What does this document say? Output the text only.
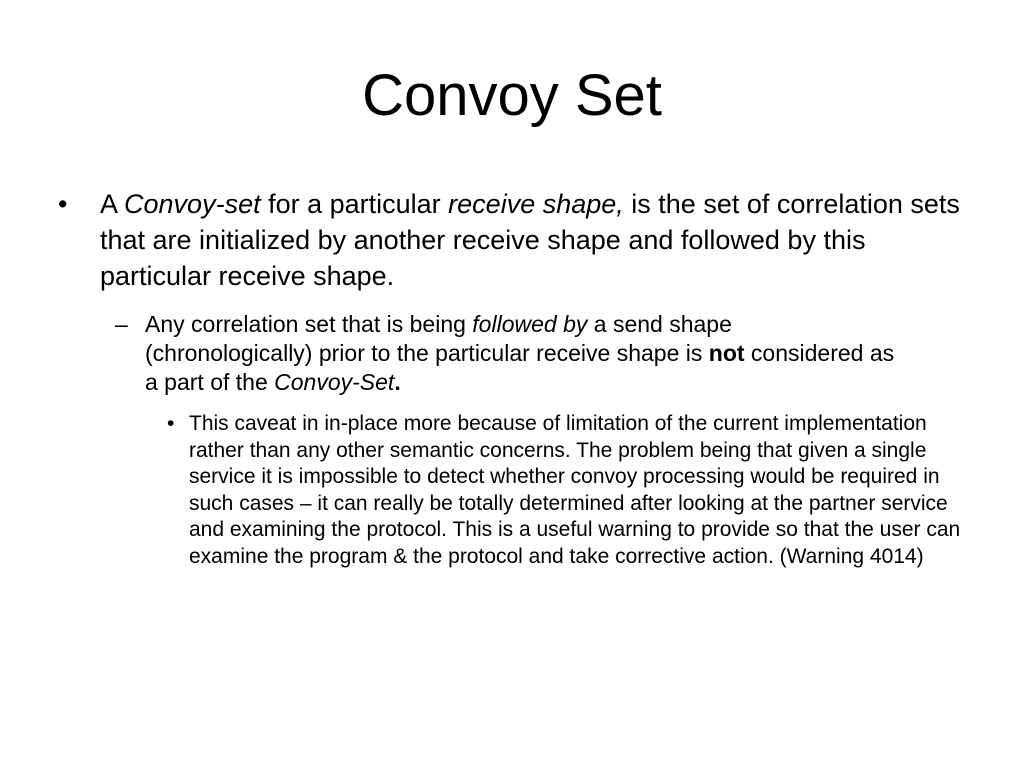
Convoy Set

•	A Convoy-set for a particular receive shape, is the set of correlation sets that are initialized by another receive shape and followed by this particular receive shape.

– Any correlation set that is being followed by a send shape (chronologically) prior to the particular receive shape is not considered as a part of the Convoy-Set.
• This caveat in in-place more because of limitation of the current implementation rather than any other semantic concerns. The problem being that given a single service it is impossible to detect whether convoy processing would be required in such cases – it can really be totally determined after looking at the partner service and examining the protocol. This is a useful warning to provide so that the user can examine the program & the protocol and take corrective action. (Warning 4014)
